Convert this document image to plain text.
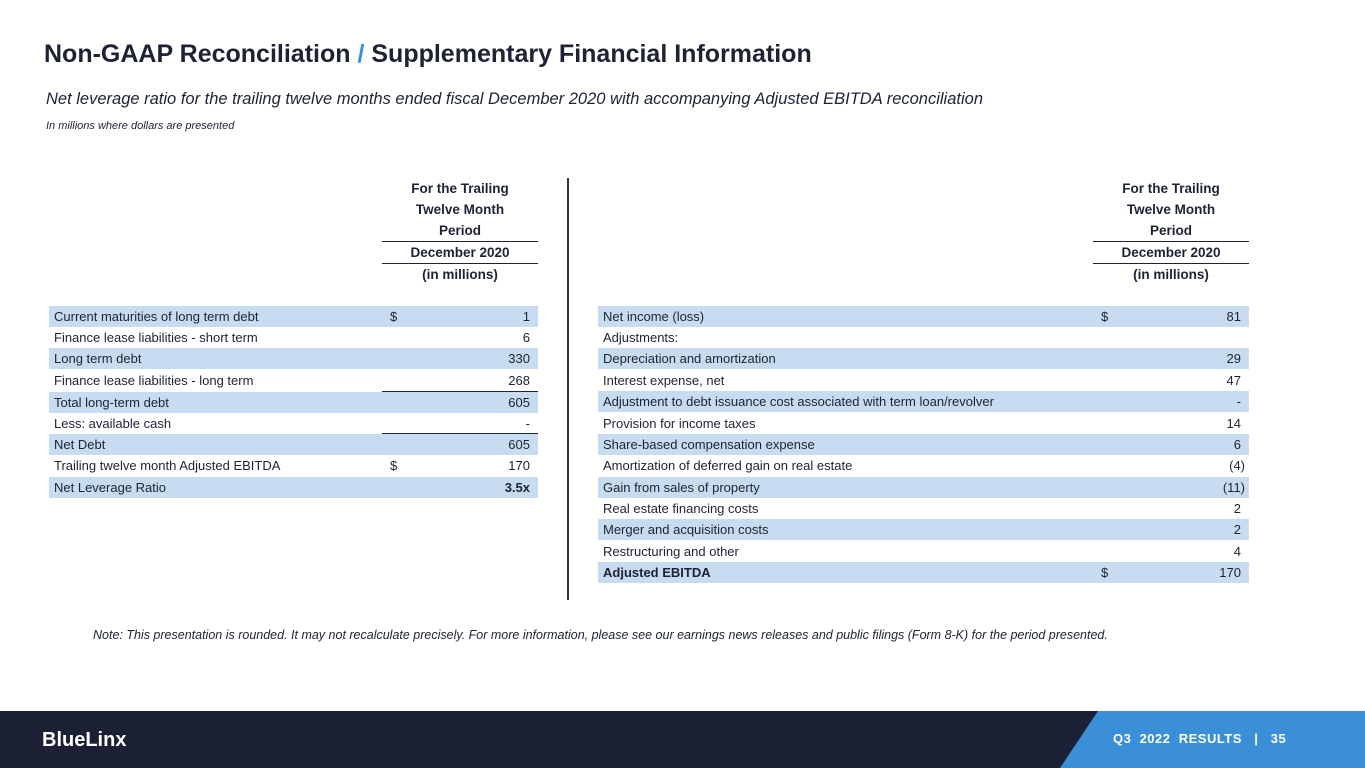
Non-GAAP Reconciliation / Supplementary Financial Information
Net leverage ratio for the trailing twelve months ended fiscal December 2020 with accompanying Adjusted EBITDA reconciliation
In millions where dollars are presented
For the Trailing
Twelve Month
Period
December 2020
(in millions)
For the Trailing
Twelve Month
Period
December 2020
(in millions)
Current maturities of long term debt	$	1
Finance lease liabilities - short term	6
Long term debt	330
Finance lease liabilities - long term	268
Total long-term debt	605
Less: available cash	-
Net Debt	605
Trailing twelve month Adjusted EBITDA	$	170
Net Leverage Ratio	3.5x
Net income (loss)	$	81
Adjustments:
Depreciation and amortization	29
Interest expense, net	47
Adjustment to debt issuance cost associated with term loan/revolver	-
Provision for income taxes	14
Share-based compensation expense	6
Amortization of deferred gain on real estate	(4)
Gain from sales of property	(11)
Real estate financing costs	2
Merger and acquisition costs	2
Restructuring and other	4
Adjusted EBITDA	$	170
Note: This presentation is rounded. It may not recalculate precisely. For more information, please see our earnings news releases and public filings (Form 8-K) for the period presented.
BlueLinx	Q3  2022  RESULTS   |   35
